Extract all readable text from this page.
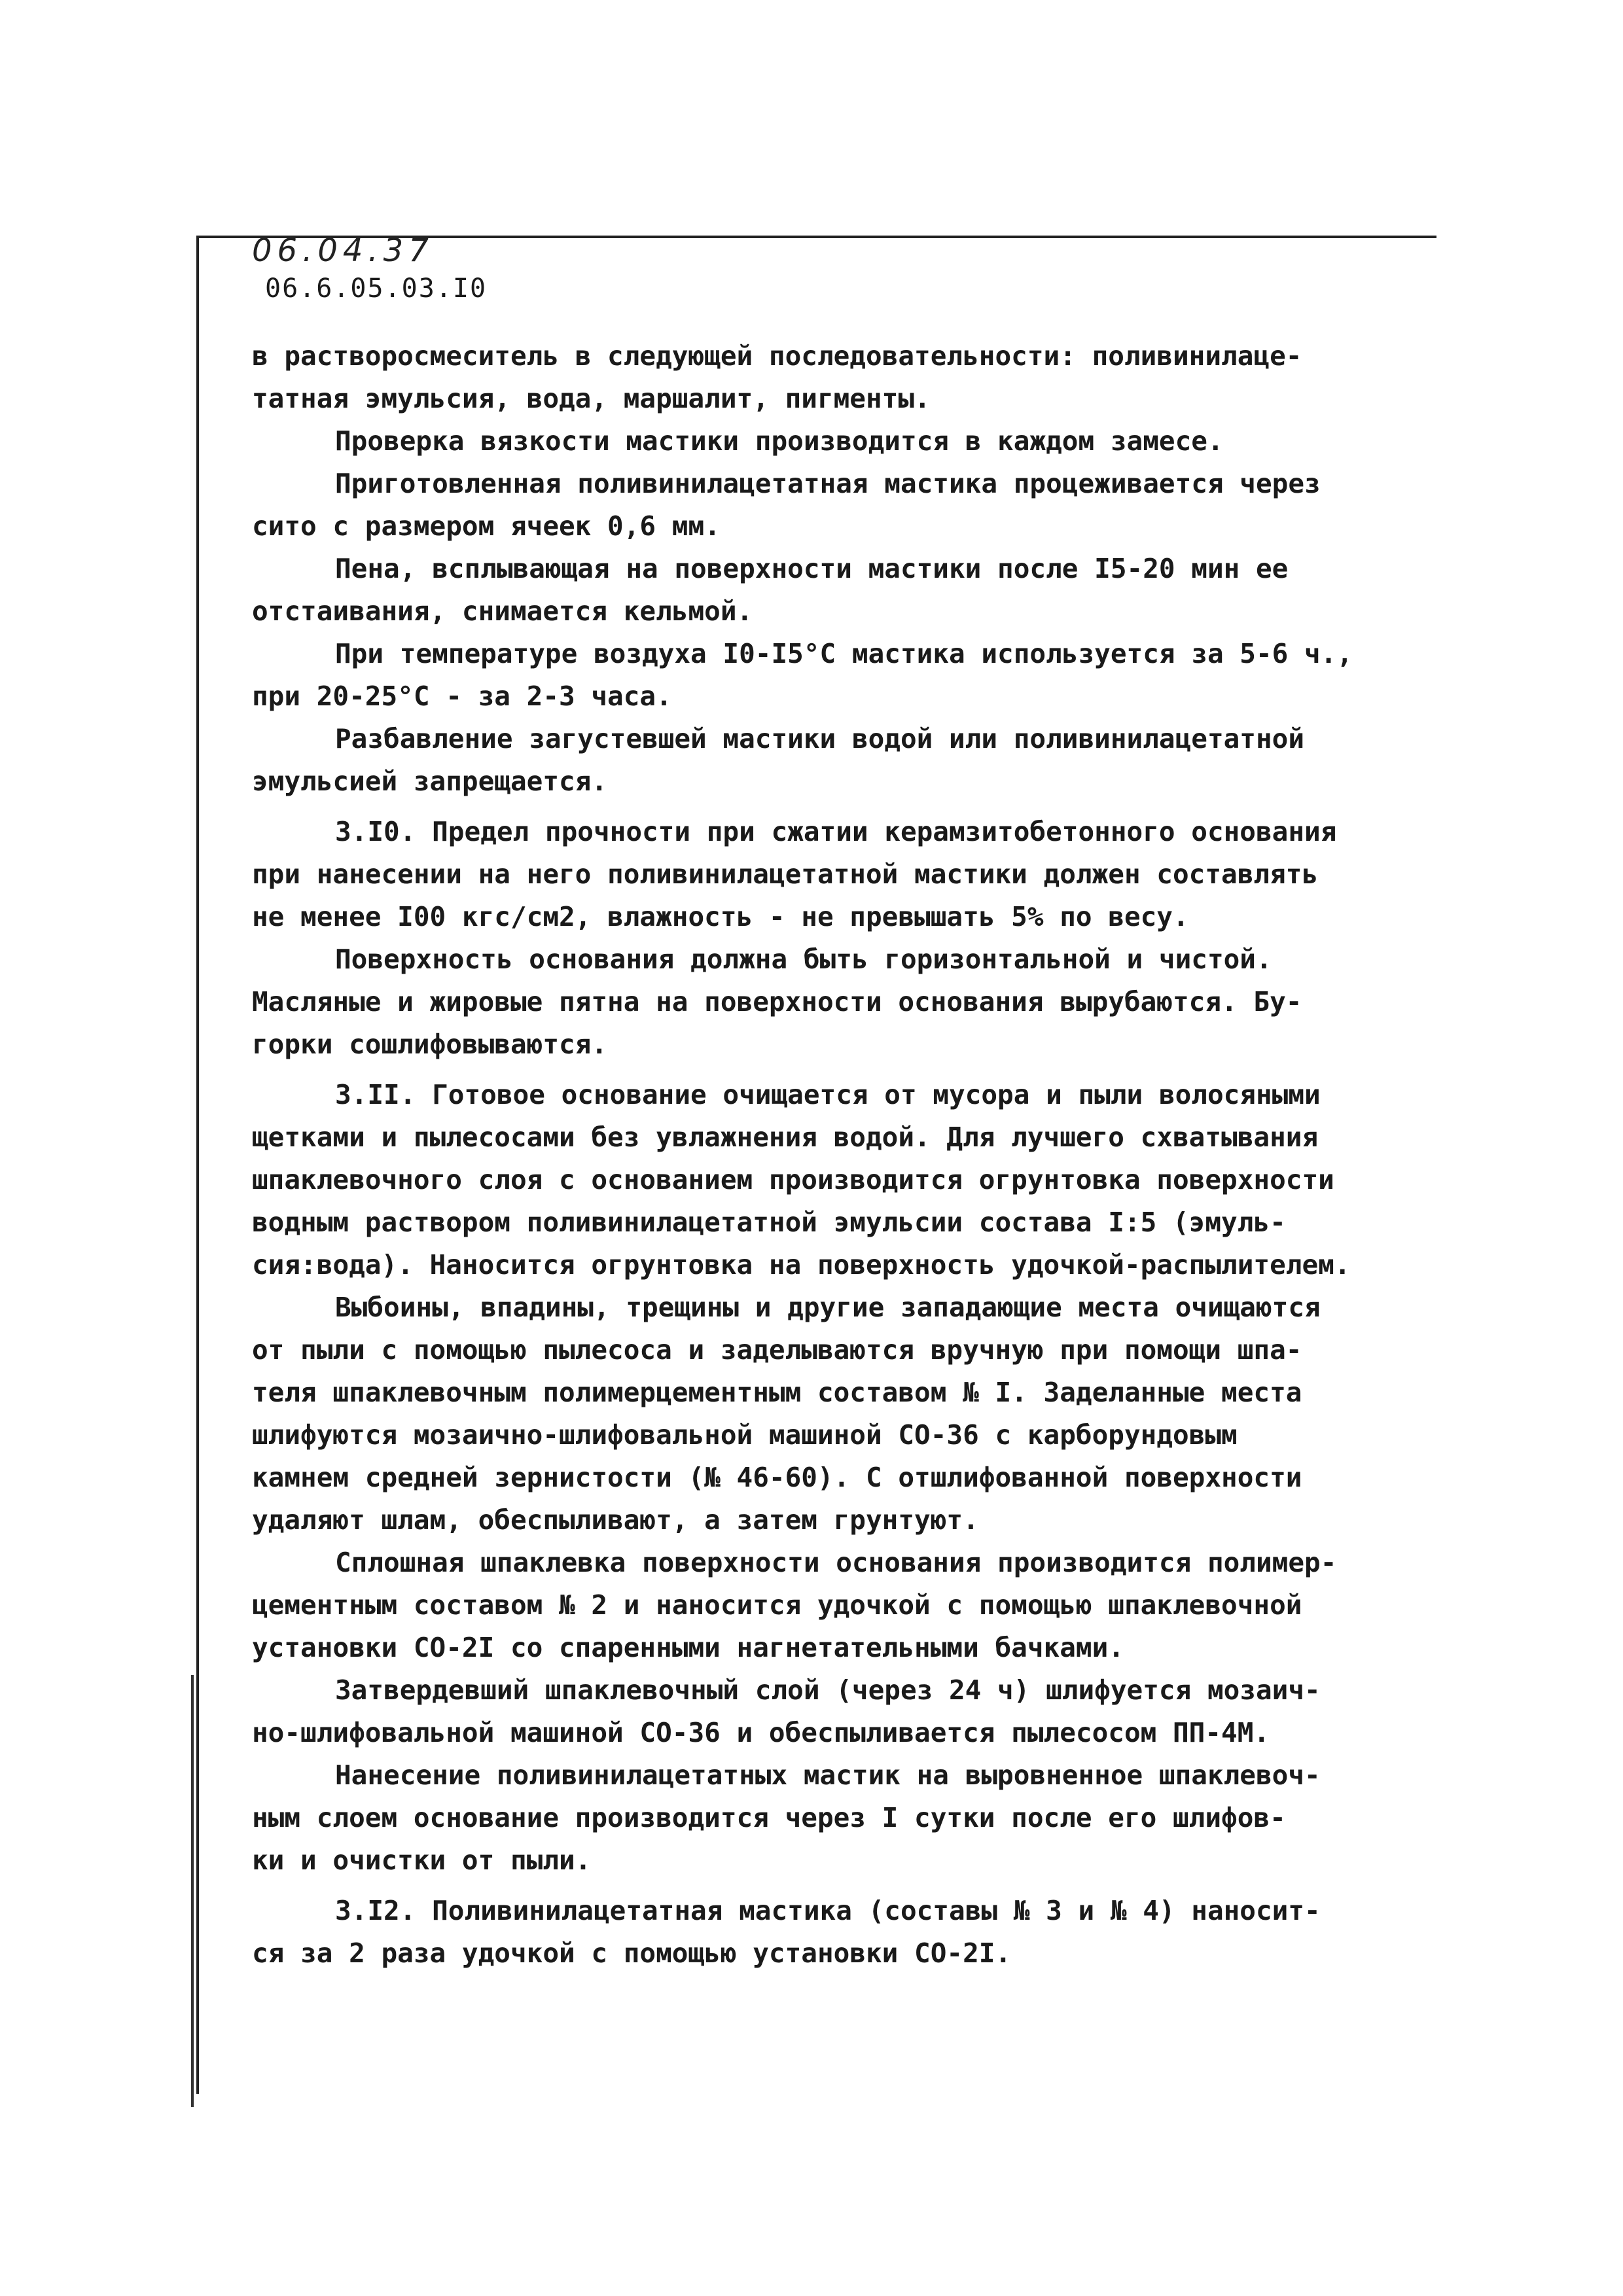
06.04.37
06.6.05.03.I0

в растворосмеситель в следующей последовательности: поливинилаце-

татная эмульсия, вода, маршалит, пигменты.

Проверка вязкости мастики производится в каждом замесе.

Приготовленная поливинилацетатная мастика процеживается через

сито с размером ячеек 0,6 мм.

Пена, всплывающая на поверхности мастики после I5-20 мин ее

отстаивания, снимается кельмой.

При температуре воздуха I0-I5°С мастика используется за 5-6 ч.,

при 20-25°С - за 2-3 часа.

Разбавление загустевшей мастики водой или поливинилацетатной

эмульсией запрещается.

3.I0. Предел прочности при сжатии керамзитобетонного основания

при нанесении на него поливинилацетатной мастики должен составлять

не менее I00 кгс/см2, влажность - не превышать 5% по весу.

Поверхность основания должна быть горизонтальной и чистой.

Масляные и жировые пятна на поверхности основания вырубаются. Бу-

горки сошлифовываются.

3.II. Готовое основание очищается от мусора и пыли волосяными

щетками и пылесосами без увлажнения водой. Для лучшего схватывания

шпаклевочного слоя с основанием производится огрунтовка поверхности

водным раствором поливинилацетатной эмульсии состава I:5 (эмуль-

сия:вода). Наносится огрунтовка на поверхность удочкой-распылителем.

Выбоины, впадины, трещины и другие западающие места очищаются

от пыли с помощью пылесоса и заделываются вручную при помощи шпа-

теля шпаклевочным полимерцементным составом № I. Заделанные места

шлифуются мозаично-шлифовальной машиной СО-36 с карборундовым

камнем средней зернистости (№ 46-60). С отшлифованной поверхности

удаляют шлам, обеспыливают, а затем грунтуют.

Сплошная шпаклевка поверхности основания производится полимер-

цементным составом № 2 и наносится удочкой с помощью шпаклевочной

установки СО-2I со спаренными нагнетательными бачками.

Затвердевший шпаклевочный слой (через 24 ч) шлифуется мозаич-

но-шлифовальной машиной СО-36 и обеспыливается пылесосом ПП-4М.

Нанесение поливинилацетатных мастик на выровненное шпаклевоч-

ным слоем основание производится через I сутки после его шлифов-

ки и очистки от пыли.

3.I2. Поливинилацетатная мастика (составы № 3 и № 4) наносит-

ся за 2 раза удочкой с помощью установки СО-2I.
